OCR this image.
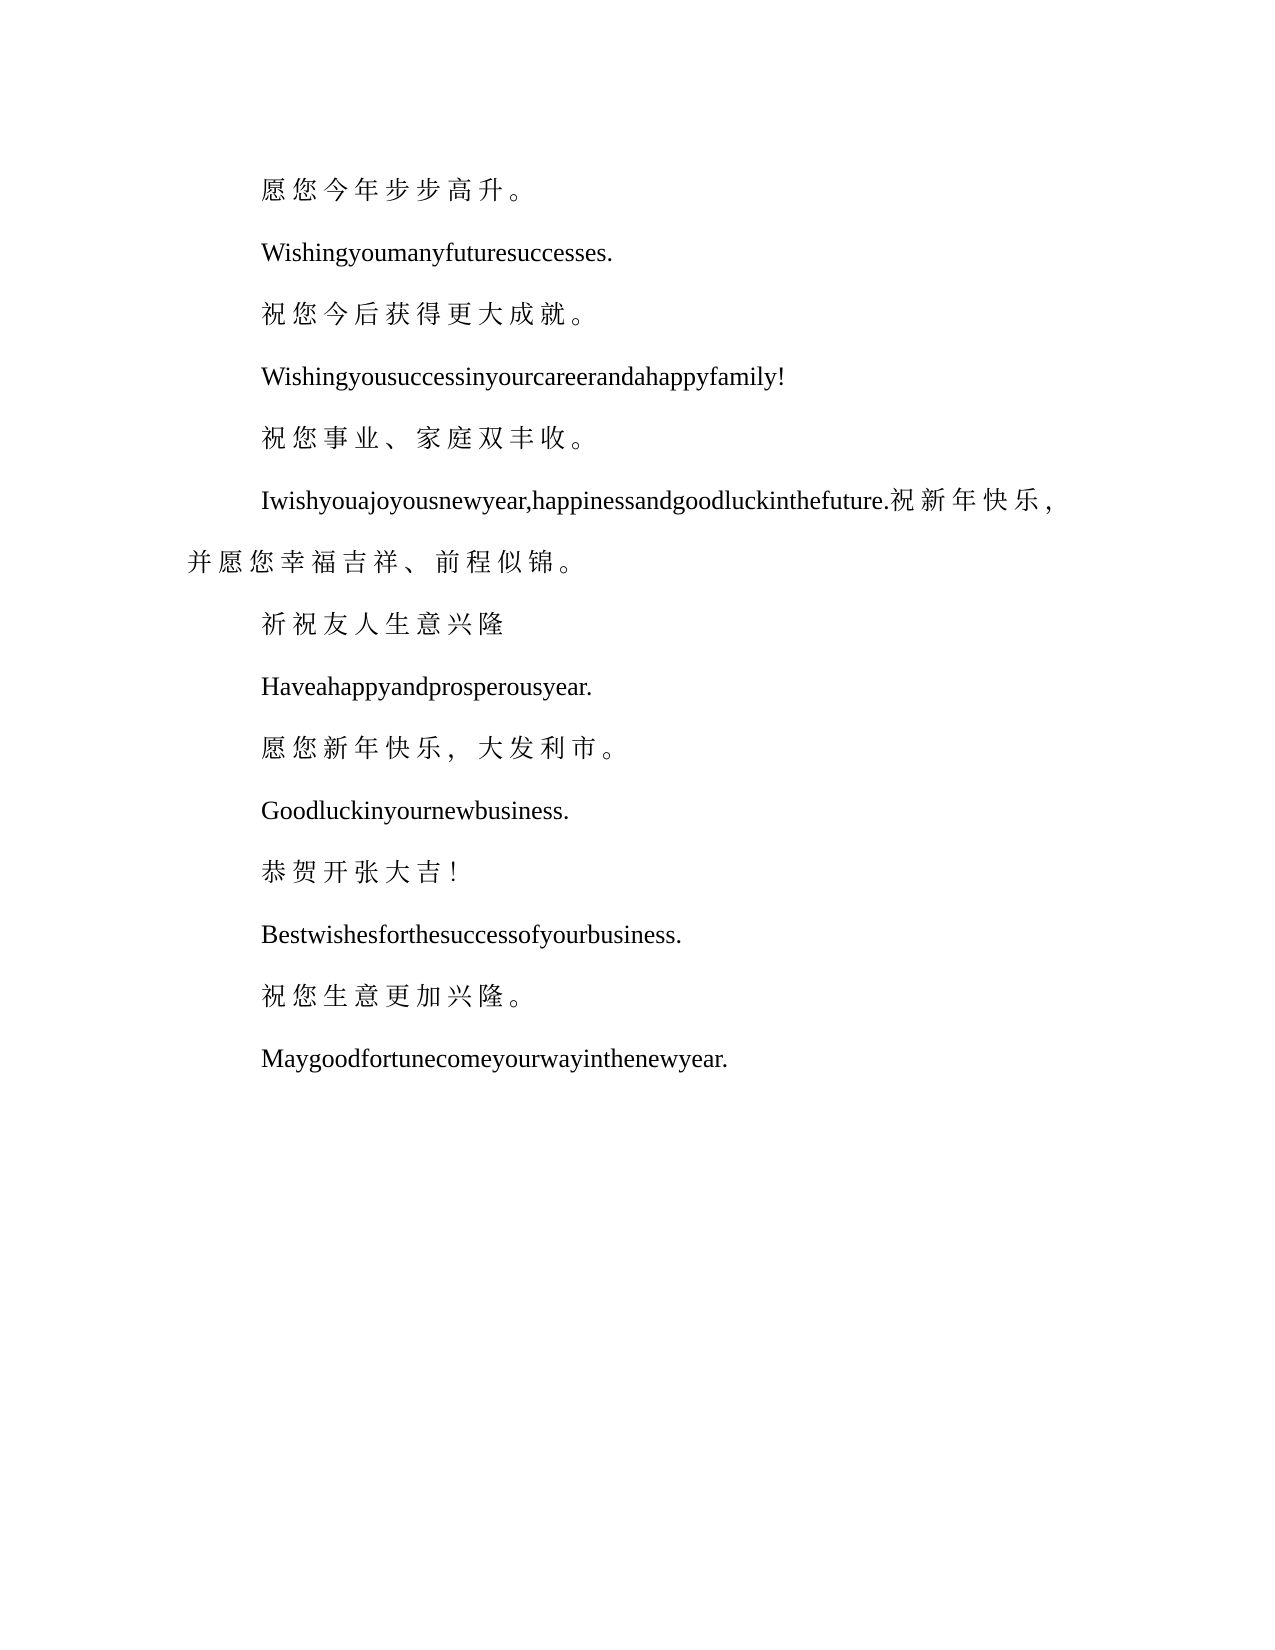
愿您今年步步高升。

Wishingyoumanyfuturesuccesses.

祝您今后获得更大成就。

Wishingyousuccessinyourcareerandahappyfamily!

祝您事业、家庭双丰收。

Iwishyouajoyousnewyear,happinessandgoodluckinthefuture.祝新年快乐，并愿您幸福吉祥、前程似锦。

祈祝友人生意兴隆

Haveahappyandprosperousyear.

愿您新年快乐，大发利市。

Goodluckinyournewbusiness.

恭贺开张大吉！

Bestwishesforthesuccessofyourbusiness.

祝您生意更加兴隆。

Maygoodfortunecomeyourwayinthenewyear.
